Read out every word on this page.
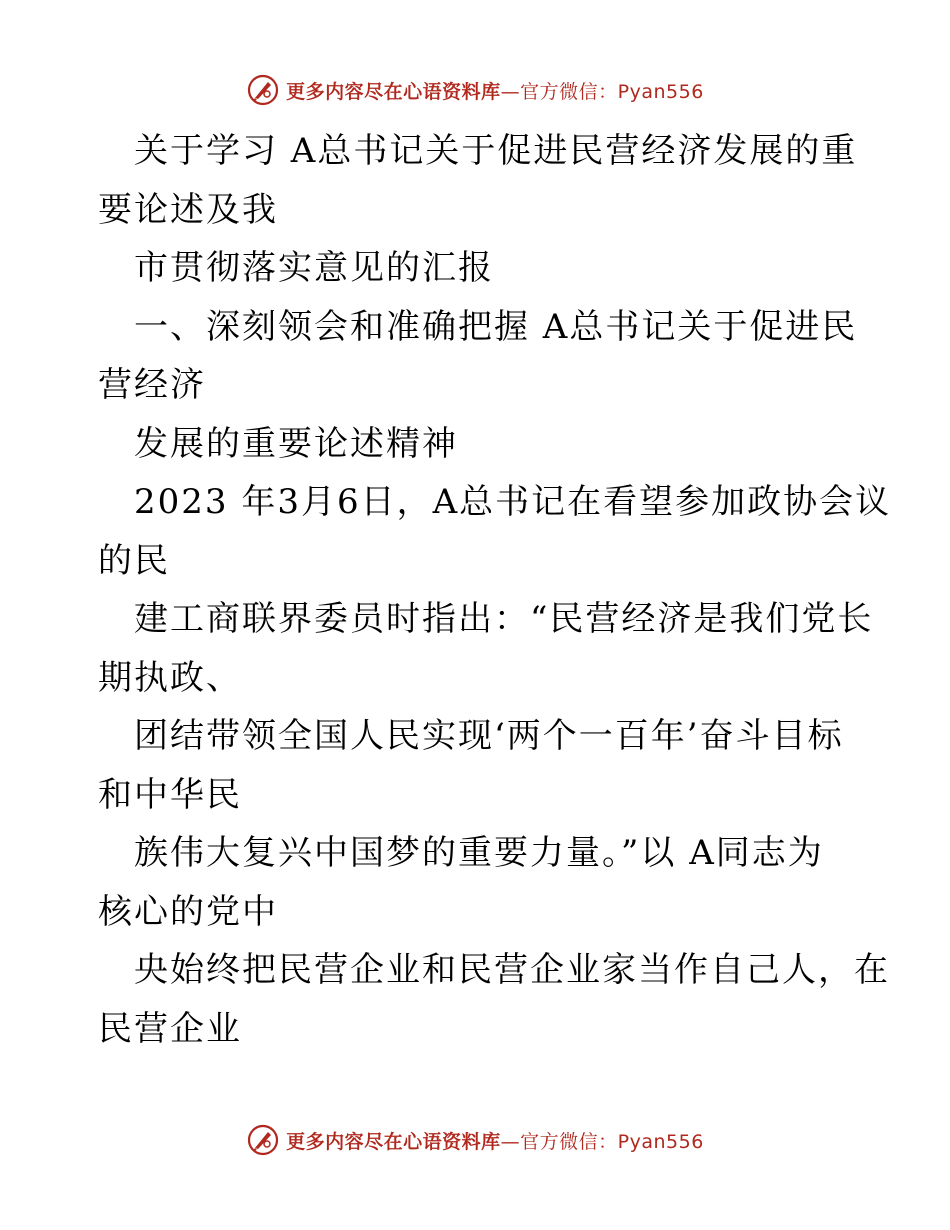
更多内容尽在心语资料库—官方微信：Pyan556
关于学习 A总书记关于促进民营经济发展的重
要论述及我
市贯彻落实意见的汇报
一、深刻领会和准确把握 A总书记关于促进民
营经济
发展的重要论述精神
2023 年3月6日，A总书记在看望参加政协会议
的民
建工商联界委员时指出：“民营经济是我们党长
期执政、
团结带领全国人民实现‘两个一百年’奋斗目标
和中华民
族伟大复兴中国梦的重要力量。”以 A同志为
核心的党中
央始终把民营企业和民营企业家当作自己人，在
民营企业
更多内容尽在心语资料库—官方微信：Pyan556
